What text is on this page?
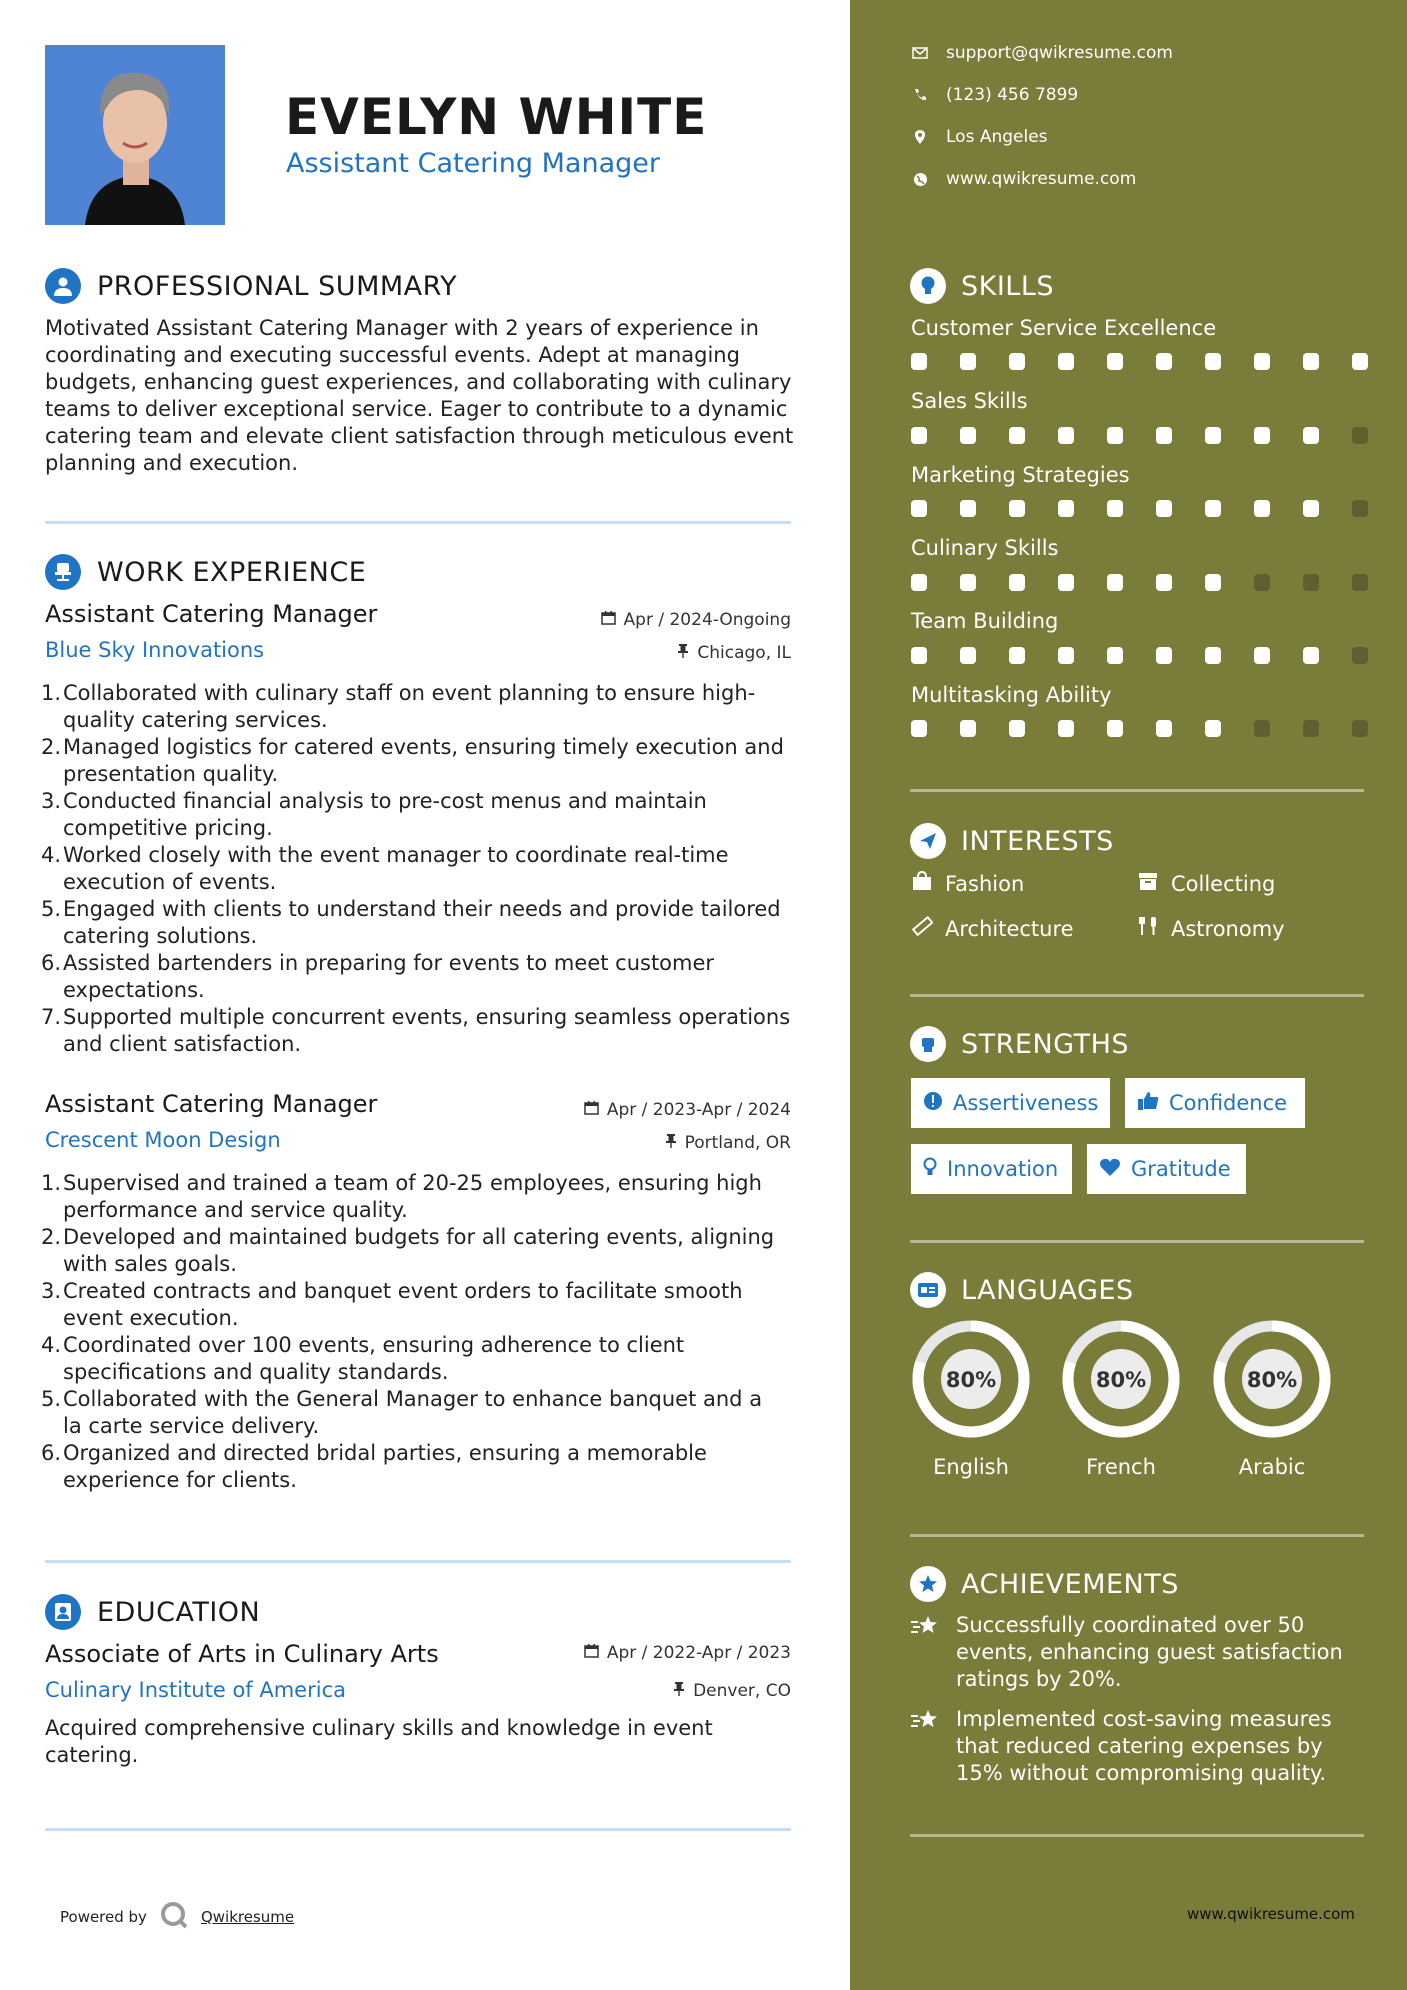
EVELYN WHITE
Assistant Catering Manager
PROFESSIONAL SUMMARY
Motivated Assistant Catering Manager with 2 years of experience in coordinating and executing successful events. Adept at managing budgets, enhancing guest experiences, and collaborating with culinary teams to deliver exceptional service. Eager to contribute to a dynamic catering team and elevate client satisfaction through meticulous event planning and execution.
WORK EXPERIENCE
Assistant Catering Manager	Apr / 2024-Ongoing
Blue Sky Innovations	Chicago, IL
1. Collaborated with culinary staff on event planning to ensure high-
quality catering services.
2. Managed logistics for catered events, ensuring timely execution and
presentation quality.
3. Conducted financial analysis to pre-cost menus and maintain
competitive pricing.
4. Worked closely with the event manager to coordinate real-time
execution of events.
5. Engaged with clients to understand their needs and provide tailored
catering solutions.
6. Assisted bartenders in preparing for events to meet customer
expectations.
7. Supported multiple concurrent events, ensuring seamless operations
and client satisfaction.
Assistant Catering Manager	Apr / 2023-Apr / 2024
Crescent Moon Design	Portland, OR
1. Supervised and trained a team of 20-25 employees, ensuring high
performance and service quality.
2. Developed and maintained budgets for all catering events, aligning
with sales goals.
3. Created contracts and banquet event orders to facilitate smooth
event execution.
4. Coordinated over 100 events, ensuring adherence to client
specifications and quality standards.
5. Collaborated with the General Manager to enhance banquet and a
la carte service delivery.
6. Organized and directed bridal parties, ensuring a memorable
experience for clients.
EDUCATION
Associate of Arts in Culinary Arts	Apr / 2022-Apr / 2023
Culinary Institute of America	Denver, CO
Acquired comprehensive culinary skills and knowledge in event catering.
Powered by	Qwikresume
support@qwikresume.com
(123) 456 7899
Los Angeles
www.qwikresume.com
SKILLS
Customer Service Excellence
Sales Skills
Marketing Strategies
Culinary Skills
Team Building
Multitasking Ability
INTERESTS
Fashion	Collecting
Architecture	Astronomy
STRENGTHS
Assertiveness	Confidence
Innovation	Gratitude
LANGUAGES
80%
English
80%
French
80%
Arabic
ACHIEVEMENTS
Successfully coordinated over 50
events, enhancing guest satisfaction
ratings by 20%.
Implemented cost-saving measures
that reduced catering expenses by
15% without compromising quality.
www.qwikresume.com
